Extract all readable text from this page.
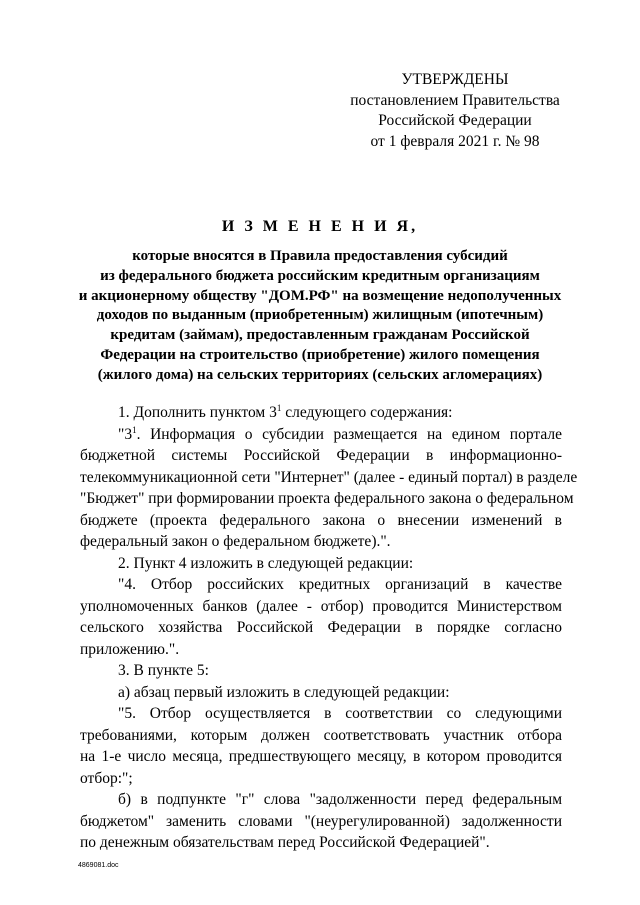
УТВЕРЖДЕНЫ
постановлением Правительства
Российской Федерации
от 1 февраля 2021 г. № 98
И З М Е Н Е Н И Я,
которые вносятся в Правила предоставления субсидий
из федерального бюджета российским кредитным организациям
и акционерному обществу "ДОМ.РФ" на возмещение недополученных
доходов по выданным (приобретенным) жилищным (ипотечным)
кредитам (займам), предоставленным гражданам Российской
Федерации на строительство (приобретение) жилого помещения
(жилого дома) на сельских территориях (сельских агломерациях)
1. Дополнить пунктом $3^1$ следующего содержания:
"$3^1$. Информация о субсидии размещается на едином портале
бюджетной системы Российской Федерации в информационно-
телекоммуникационной сети "Интернет" (далее - единый портал) в разделе
"Бюджет" при формировании проекта федерального закона о федеральном
бюджете (проекта федерального закона о внесении изменений в
федеральный закон о федеральном бюджете).".
2. Пункт 4 изложить в следующей редакции:
"4. Отбор российских кредитных организаций в качестве
уполномоченных банков (далее - отбор) проводится Министерством
сельского хозяйства Российской Федерации в порядке согласно
приложению.".
3. В пункте 5:
а) абзац первый изложить в следующей редакции:
"5. Отбор осуществляется в соответствии со следующими
требованиями, которым должен соответствовать участник отбора
на 1-е число месяца, предшествующего месяцу, в котором проводится
отбор:";
б) в подпункте "г" слова "задолженности перед федеральным
бюджетом" заменить словами "(неурегулированной) задолженности
по денежным обязательствам перед Российской Федерацией".
4869081.doc
